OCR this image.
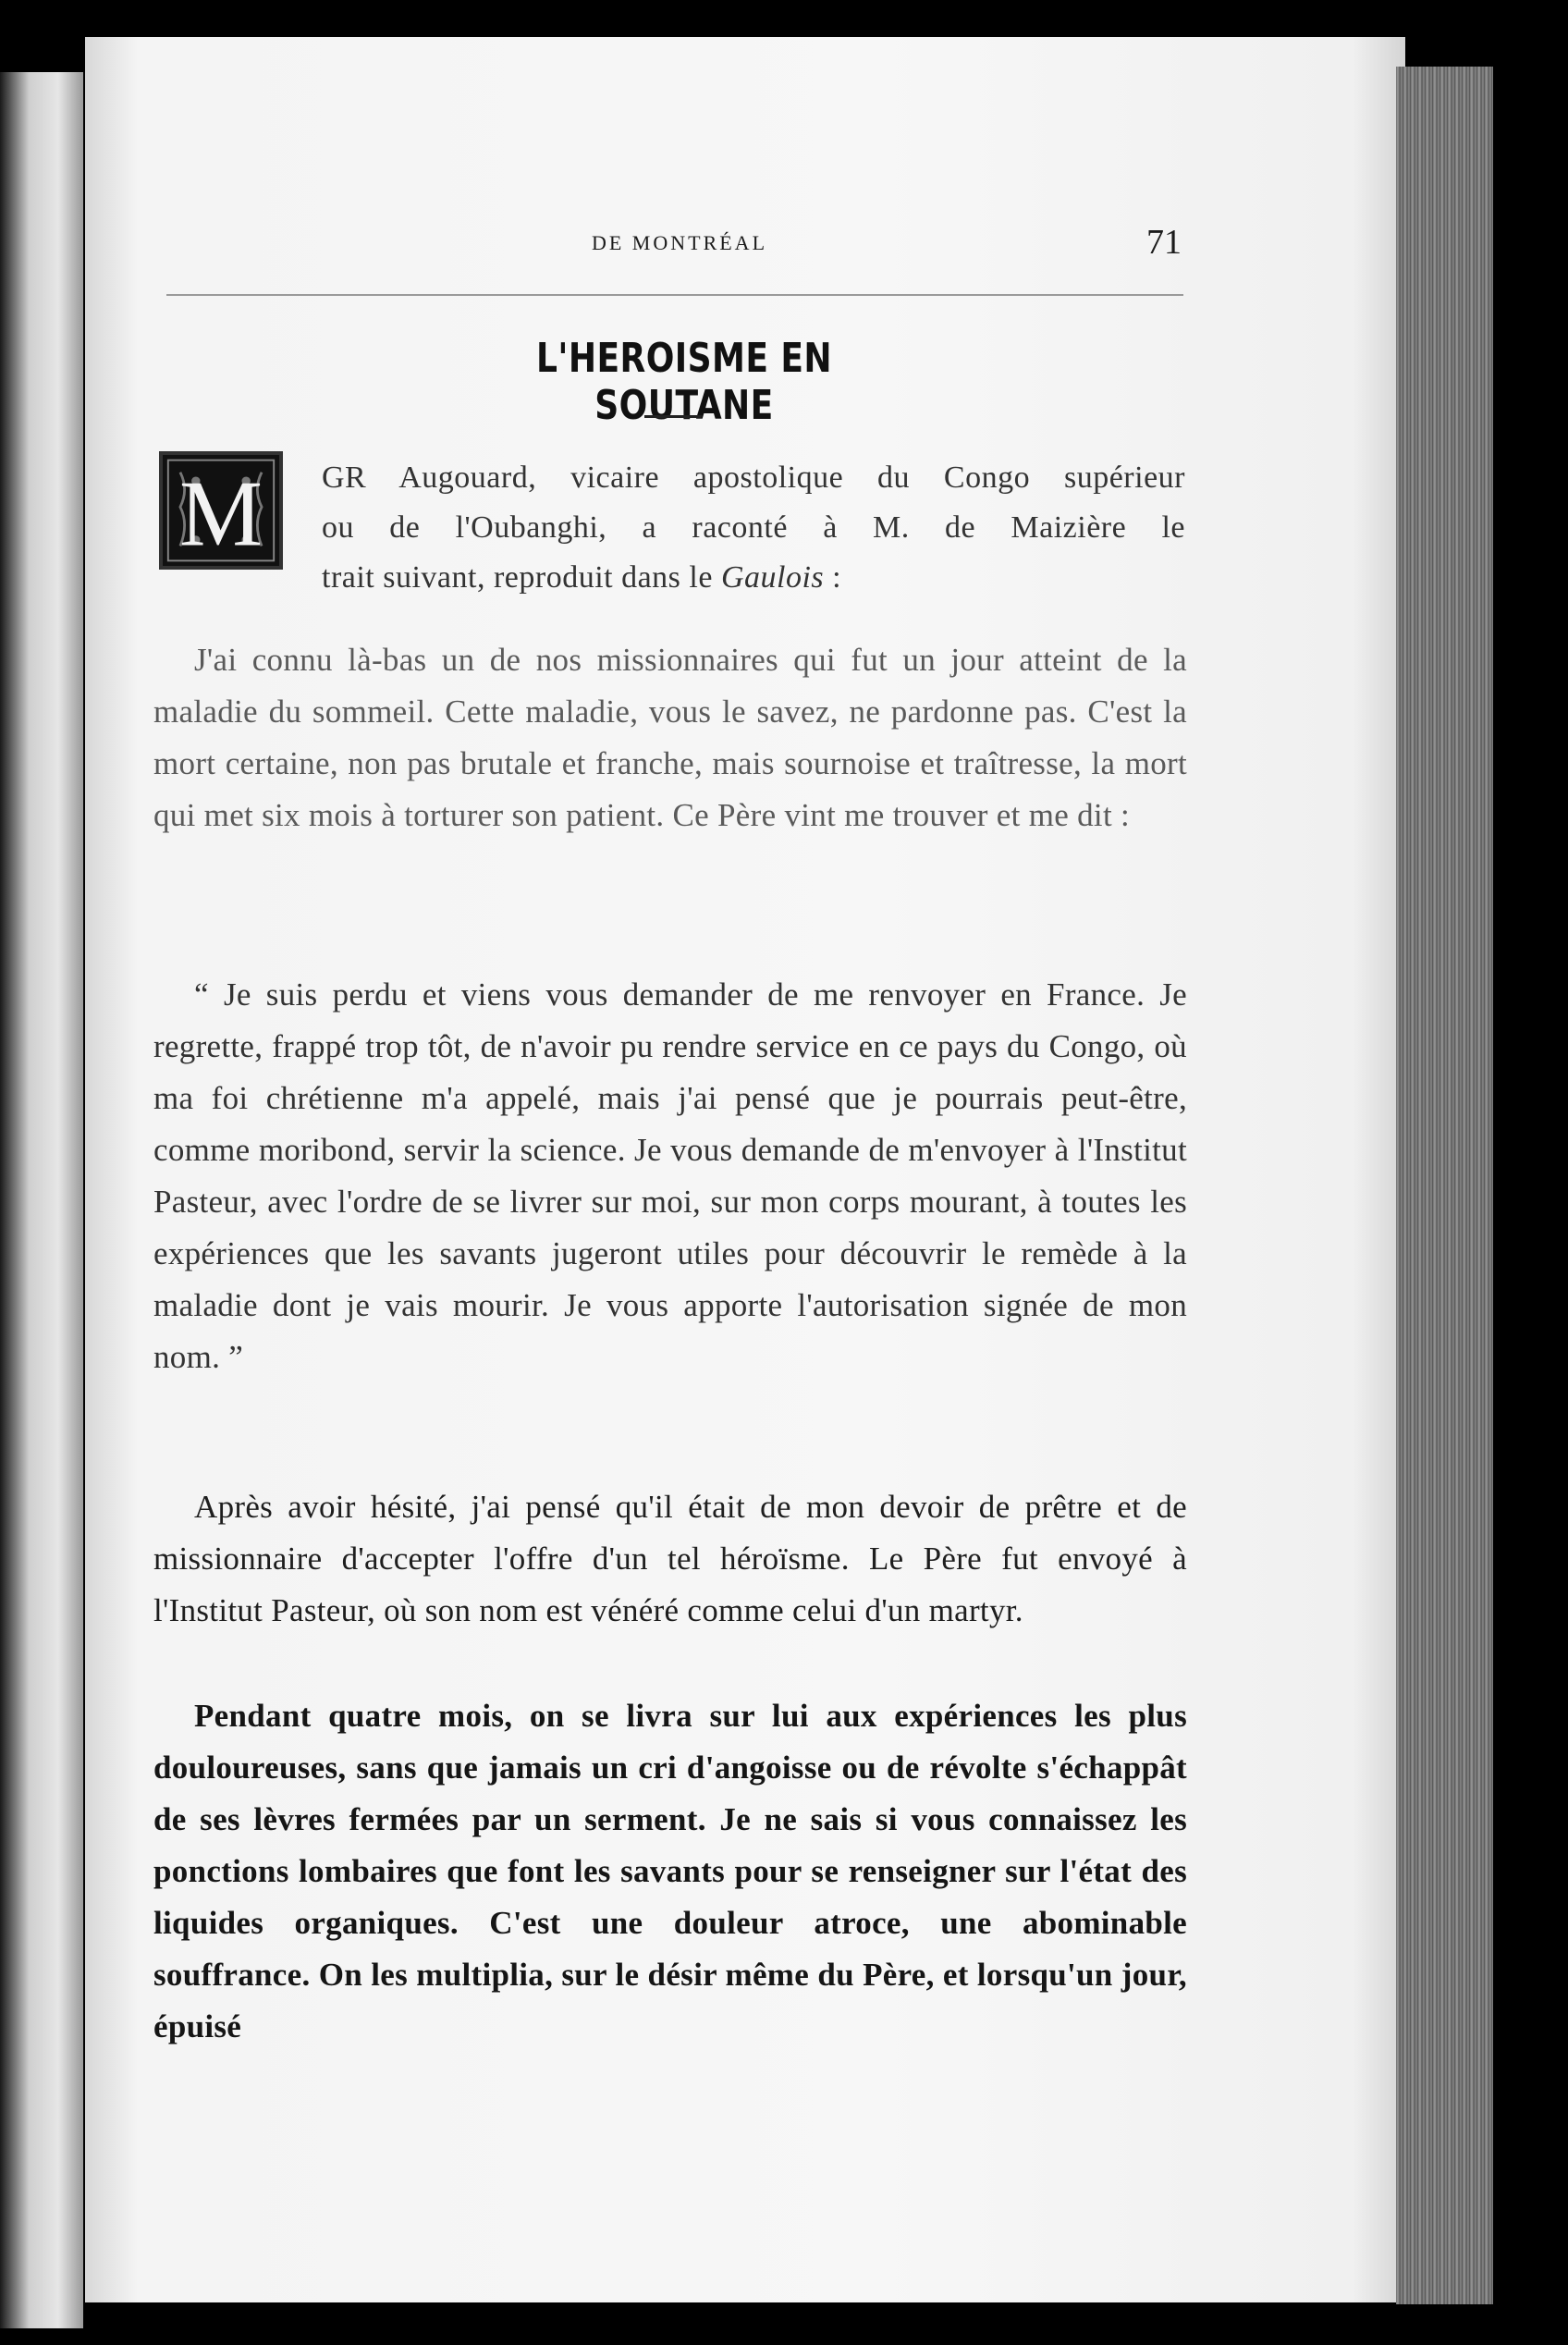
DE MONTRÉAL	71
L'HEROISME EN SOUTANE
M	GR Augouard, vicaire apostolique du Congo supérieur
ou de l'Oubanghi, a raconté à M. de Maizière le
trait suivant, reproduit dans le Gaulois :

J'ai connu là-bas un de nos missionnaires qui fut un jour atteint de la maladie du sommeil. Cette maladie, vous le savez, ne pardonne pas. C'est la mort certaine, non pas brutale et franche, mais sournoise et traîtresse, la mort qui met six mois à torturer son patient. Ce Père vint me trouver et me dit :

“ Je suis perdu et viens vous demander de me renvoyer en France. Je regrette, frappé trop tôt, de n'avoir pu rendre service en ce pays du Congo, où ma foi chrétienne m'a appelé, mais j'ai pensé que je pourrais peut-être, comme moribond, servir la science. Je vous demande de m'envoyer à l'Institut Pasteur, avec l'ordre de se livrer sur moi, sur mon corps mourant, à toutes les expériences que les savants jugeront utiles pour découvrir le remède à la maladie dont je vais mourir. Je vous apporte l'autorisation signée de mon nom. ”

Après avoir hésité, j'ai pensé qu'il était de mon devoir de prêtre et de missionnaire d'accepter l'offre d'un tel héroïsme. Le Père fut envoyé à l'Institut Pasteur, où son nom est vénéré comme celui d'un martyr.

Pendant quatre mois, on se livra sur lui aux expériences les plus douloureuses, sans que jamais un cri d'angoisse ou de révolte s'échappât de ses lèvres fermées par un serment. Je ne sais si vous connaissez les ponctions lombaires que font les savants pour se renseigner sur l'état des liquides organiques. C'est une douleur atroce, une abominable souffrance. On les multiplia, sur le désir même du Père, et lorsqu'un jour, épuisé
